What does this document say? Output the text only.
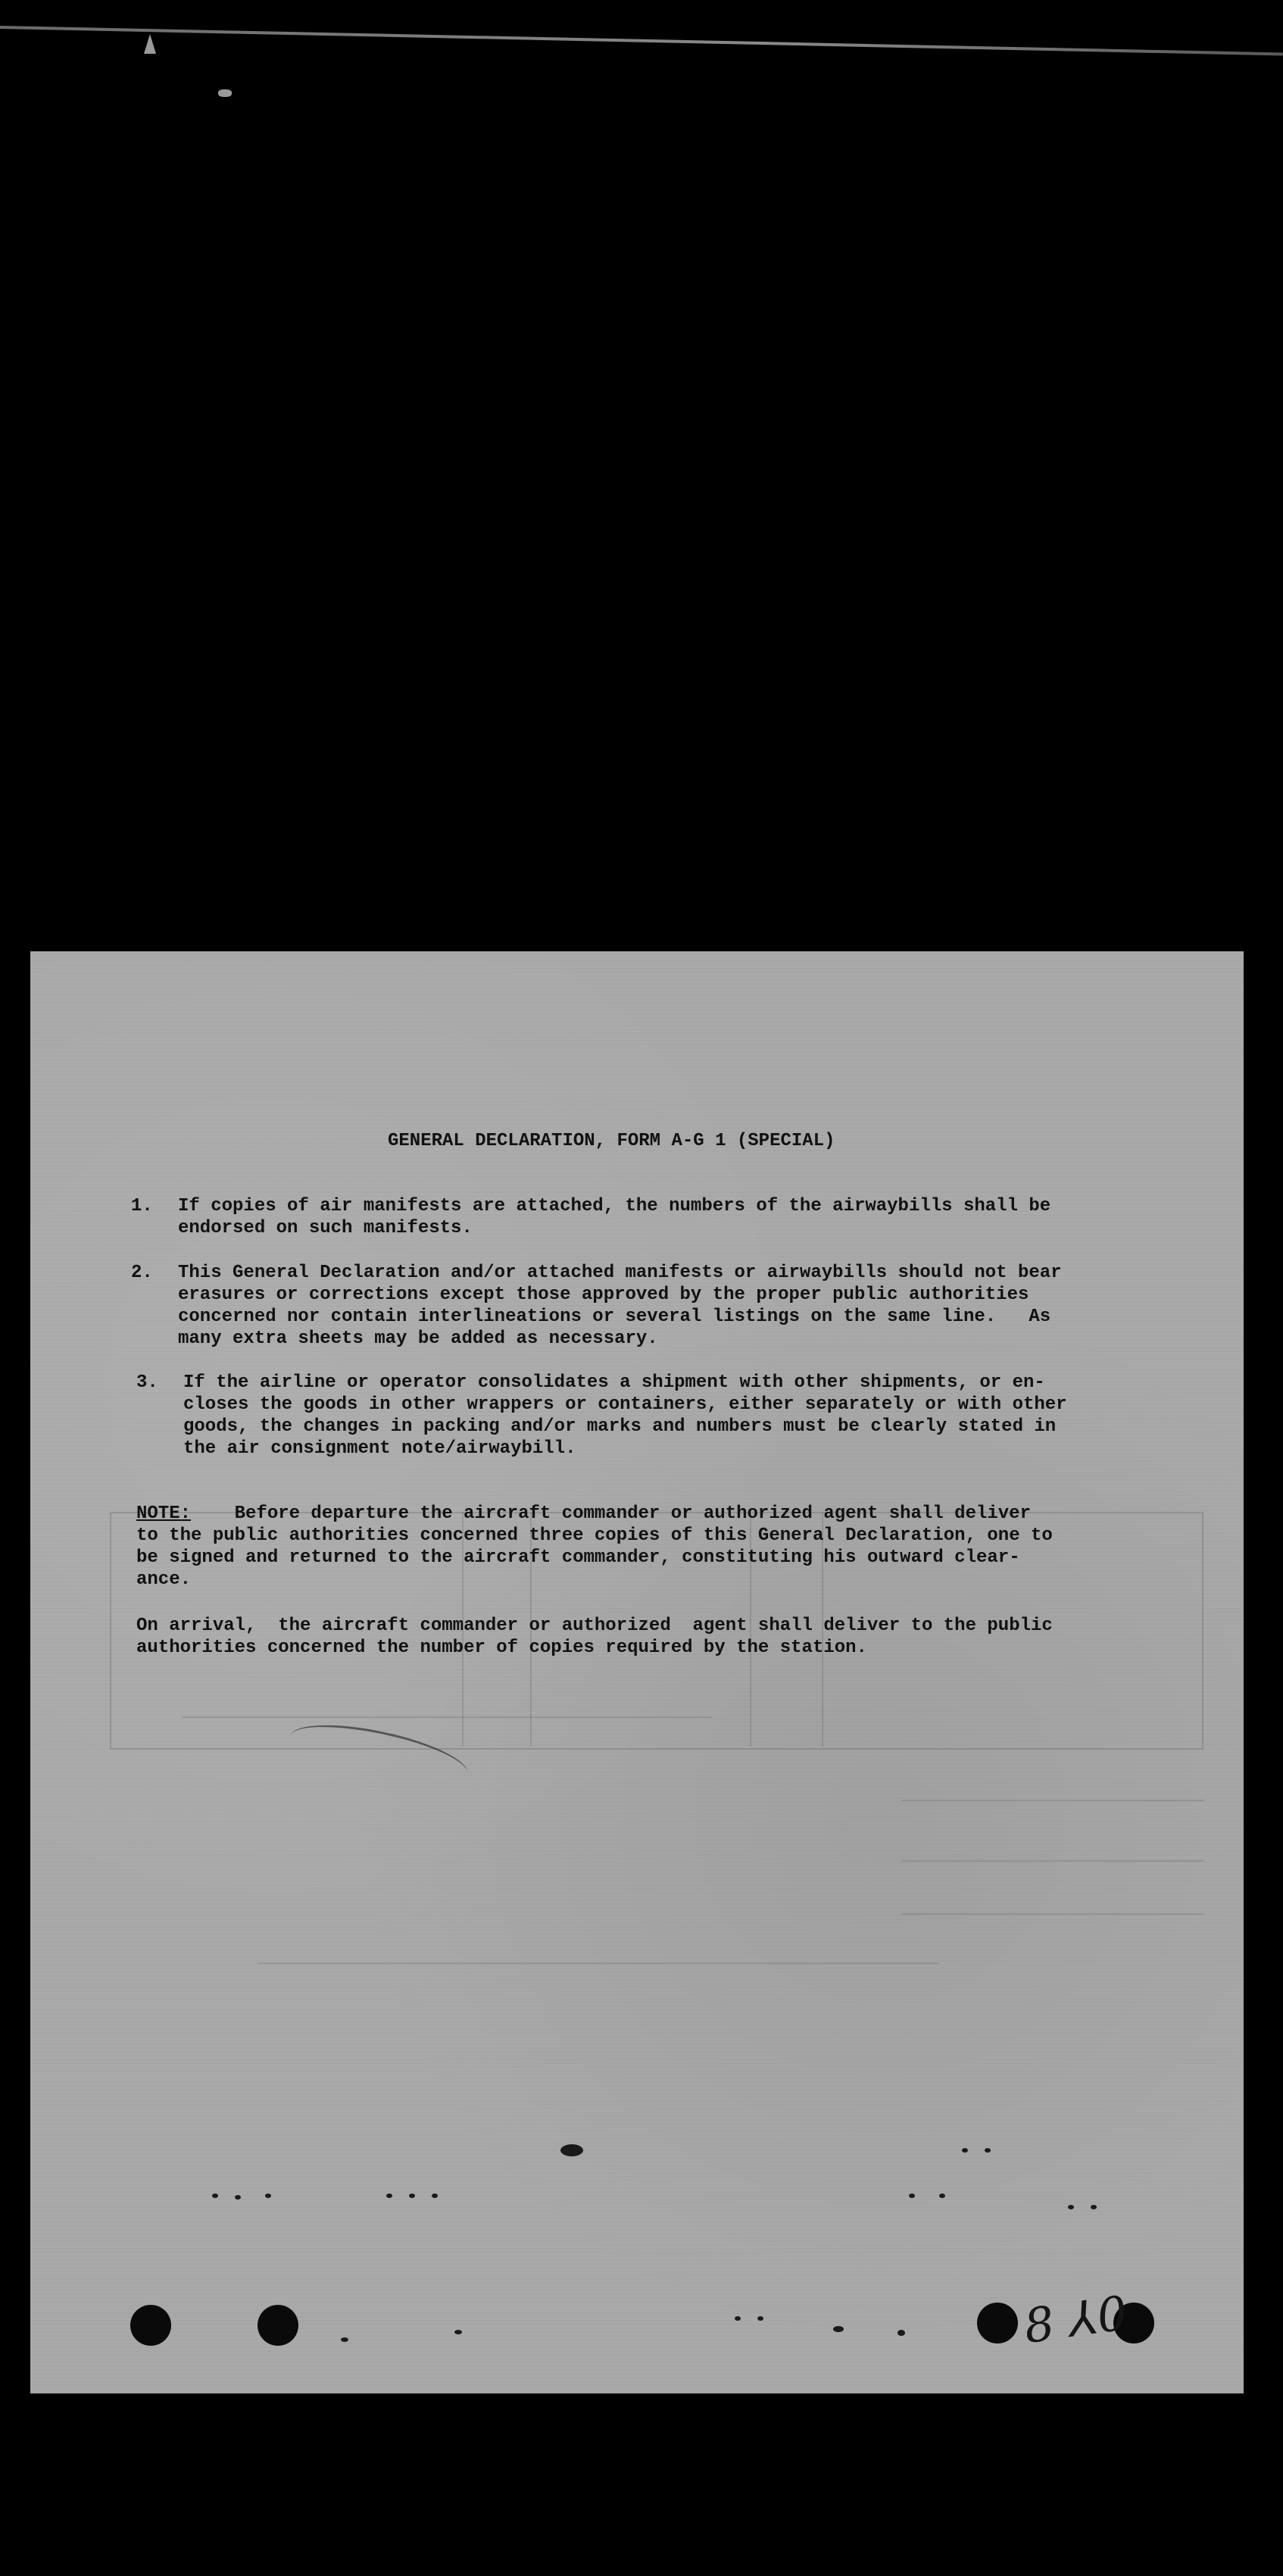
GENERAL DECLARATION, FORM A-G 1 (SPECIAL)
1. If copies of air manifests are attached, the numbers of the airwaybills shall be
endorsed on such manifests.
2. This General Declaration and/or attached manifests or airwaybills should not bear
erasures or corrections except those approved by the proper public authorities
concerned nor contain interlineations or several listings on the same line.   As
many extra sheets may be added as necessary.
3. If the airline or operator consolidates a shipment with other shipments, or en-
closes the goods in other wrappers or containers, either separately or with other
goods, the changes in packing and/or marks and numbers must be clearly stated in
the air consignment note/airwaybill.
NOTE: Before departure the aircraft commander or authorized agent shall deliver
to the public authorities concerned three copies of this General Declaration, one to
be signed and returned to the aircraft commander, constituting his outward clear-
ance.
On arrival,  the aircraft commander or authorized  agent shall deliver to the public
authorities concerned the number of copies required by the station.
8 ⅄0
